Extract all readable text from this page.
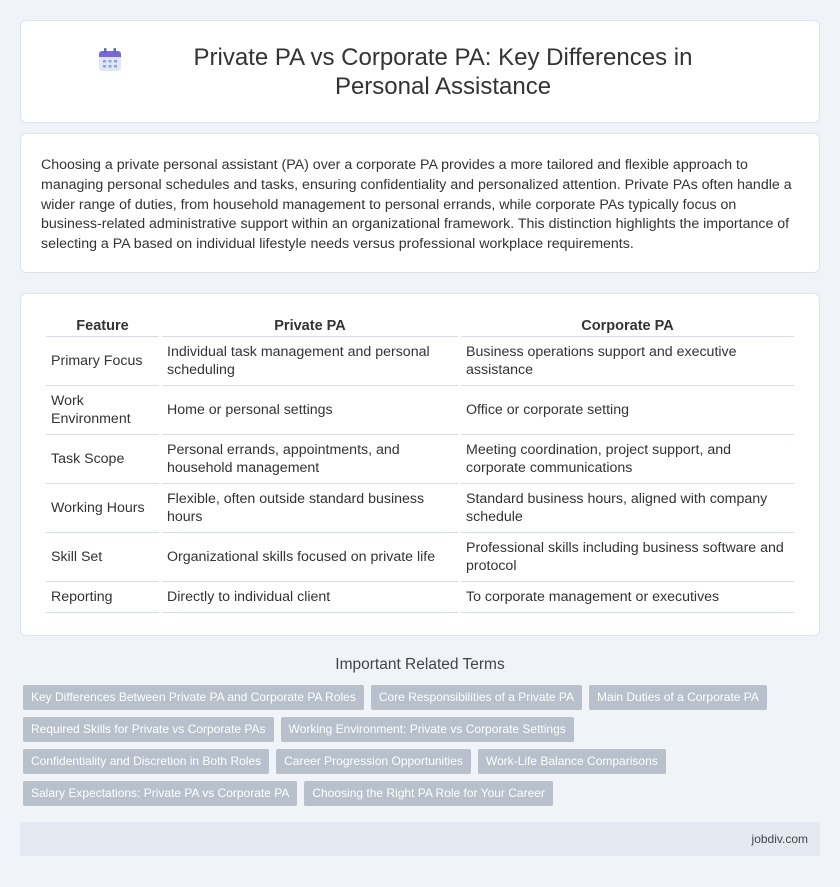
Private PA vs Corporate PA: Key Differences in Personal Assistance

Choosing a private personal assistant (PA) over a corporate PA provides a more tailored and flexible approach to managing personal schedules and tasks, ensuring confidentiality and personalized attention. Private PAs often handle a wider range of duties, from household management to personal errands, while corporate PAs typically focus on business-related administrative support within an organizational framework. This distinction highlights the importance of selecting a PA based on individual lifestyle needs versus professional workplace requirements.

Feature	Private PA	Corporate PA
Primary Focus	Individual task management and personal scheduling	Business operations support and executive assistance
Work Environment	Home or personal settings	Office or corporate setting
Task Scope	Personal errands, appointments, and household management	Meeting coordination, project support, and corporate communications
Working Hours	Flexible, often outside standard business hours	Standard business hours, aligned with company schedule
Skill Set	Organizational skills focused on private life	Professional skills including business software and protocol
Reporting	Directly to individual client	To corporate management or executives
Important Related Terms
Key Differences Between Private PA and Corporate PA Roles	Core Responsibilities of a Private PA	Main Duties of a Corporate PA
Required Skills for Private vs Corporate PAs	Working Environment: Private vs Corporate Settings
Confidentiality and Discretion in Both Roles	Career Progression Opportunities	Work-Life Balance Comparisons
Salary Expectations: Private PA vs Corporate PA	Choosing the Right PA Role for Your Career
jobdiv.com
